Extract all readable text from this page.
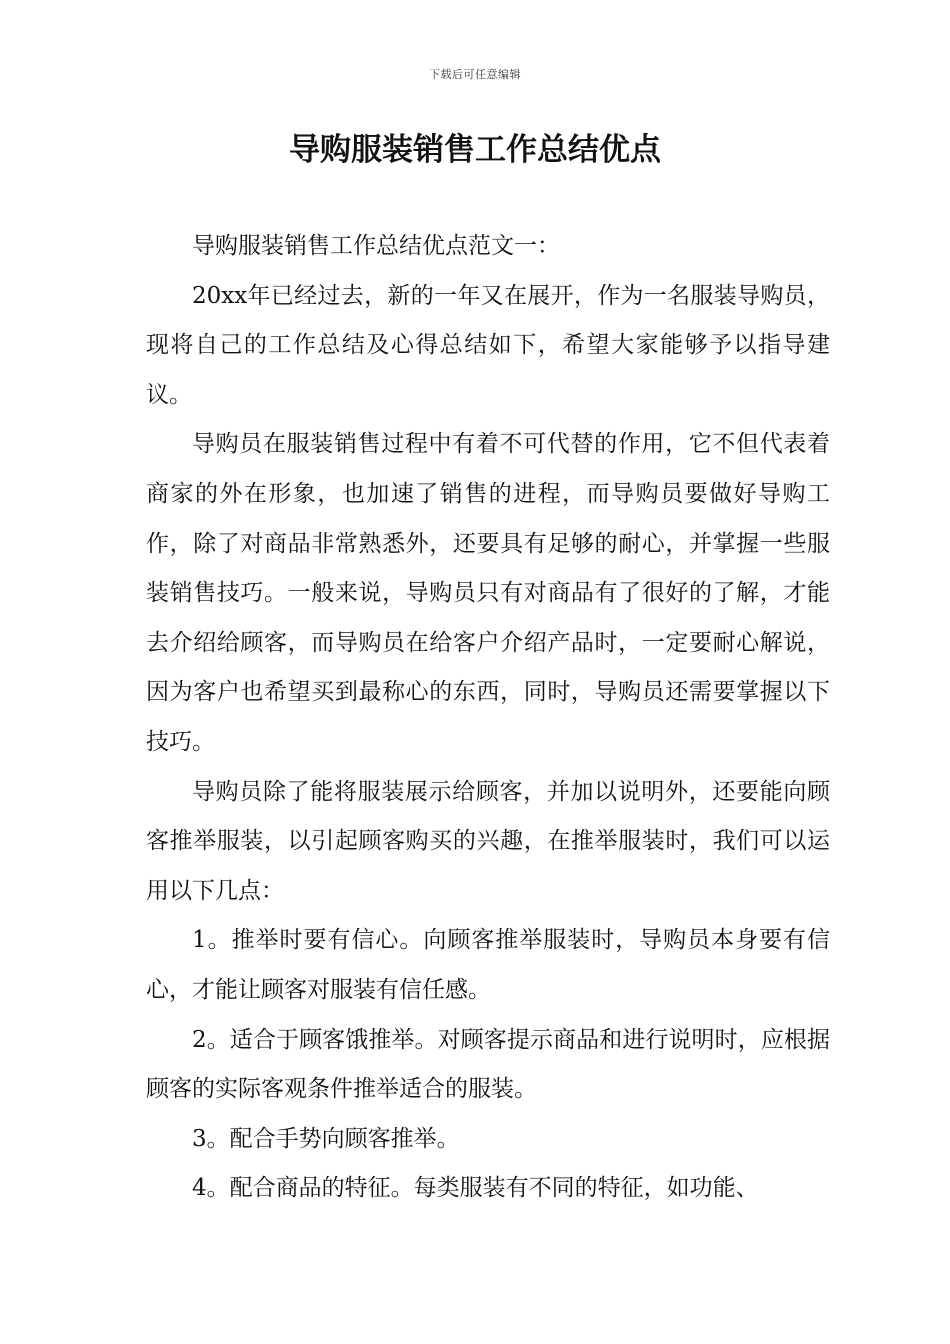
下载后可任意编辑
导购服装销售工作总结优点

导购服装销售工作总结优点范文一：

20xx年已经过去，新的一年又在展开，作为一名服装导购员，现将自己的工作总结及心得总结如下，希望大家能够予以指导建议。

导购员在服装销售过程中有着不可代替的作用，它不但代表着商家的外在形象，也加速了销售的进程，而导购员要做好导购工作，除了对商品非常熟悉外，还要具有足够的耐心，并掌握一些服装销售技巧。一般来说，导购员只有对商品有了很好的了解，才能去介绍给顾客，而导购员在给客户介绍产品时，一定要耐心解说，因为客户也希望买到最称心的东西，同时，导购员还需要掌握以下技巧。

导购员除了能将服装展示给顾客，并加以说明外，还要能向顾客推举服装，以引起顾客购买的兴趣，在推举服装时，我们可以运用以下几点：

1。推举时要有信心。向顾客推举服装时，导购员本身要有信心，才能让顾客对服装有信任感。

2。适合于顾客饿推举。对顾客提示商品和进行说明时，应根据顾客的实际客观条件推举适合的服装。

3。配合手势向顾客推举。

4。配合商品的特征。每类服装有不同的特征，如功能、
